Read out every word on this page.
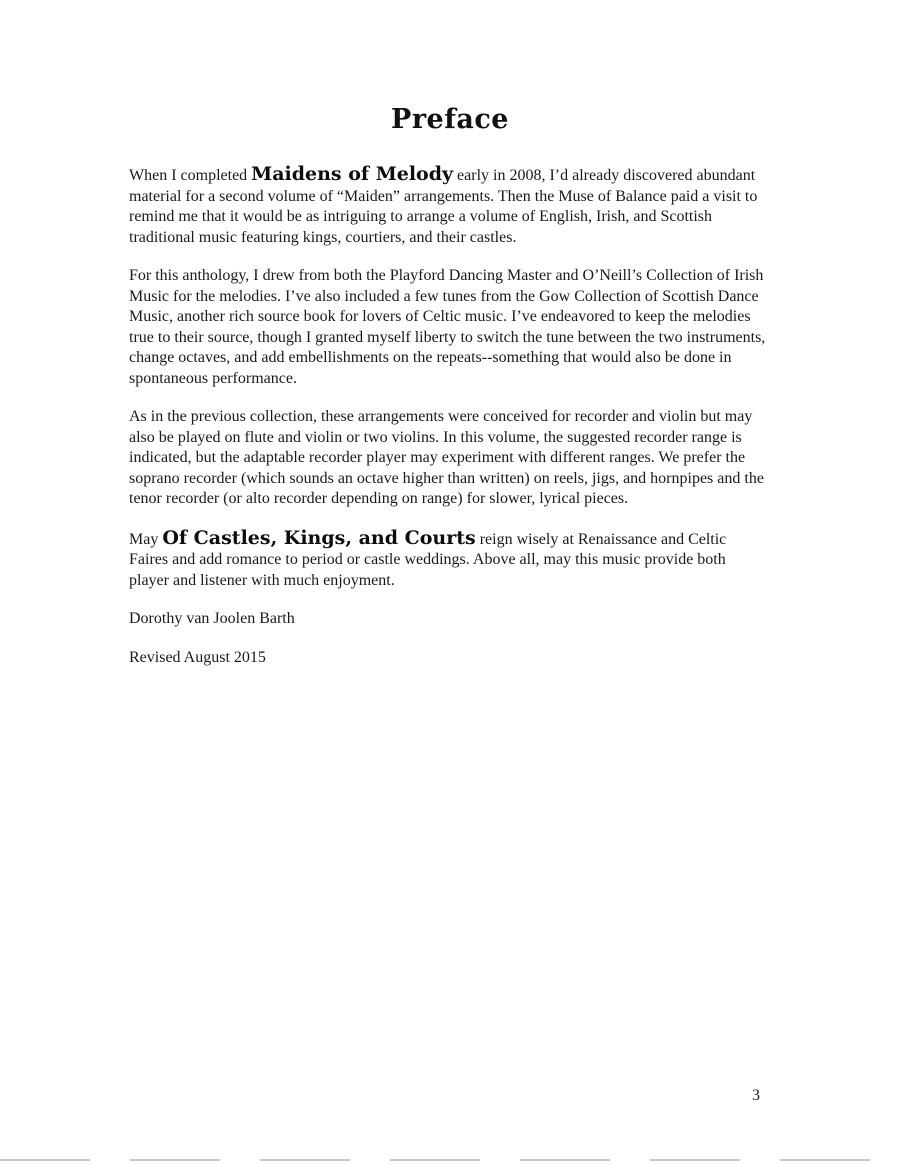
Preface

When I completed Maidens of Melody early in 2008, I’d already discovered abundant material for a second volume of “Maiden” arrangements. Then the Muse of Balance paid a visit to remind me that it would be as intriguing to arrange a volume of English, Irish, and Scottish traditional music featuring kings, courtiers, and their castles.

For this anthology, I drew from both the Playford Dancing Master and O’Neill’s Collection of Irish Music for the melodies. I’ve also included a few tunes from the Gow Collection of Scottish Dance Music, another rich source book for lovers of Celtic music. I’ve endeavored to keep the melodies true to their source, though I granted myself liberty to switch the tune between the two instruments, change octaves, and add embellishments on the repeats--something that would also be done in spontaneous performance.

As in the previous collection, these arrangements were conceived for recorder and violin but may also be played on flute and violin or two violins. In this volume, the suggested recorder range is indicated, but the adaptable recorder player may experiment with different ranges. We prefer the soprano recorder (which sounds an octave higher than written) on reels, jigs, and hornpipes and the tenor recorder (or alto recorder depending on range) for slower, lyrical pieces.

May Of Castles, Kings, and Courts reign wisely at Renaissance and Celtic Faires and add romance to period or castle weddings. Above all, may this music provide both player and listener with much enjoyment.

Dorothy van Joolen Barth

Revised August 2015

3
